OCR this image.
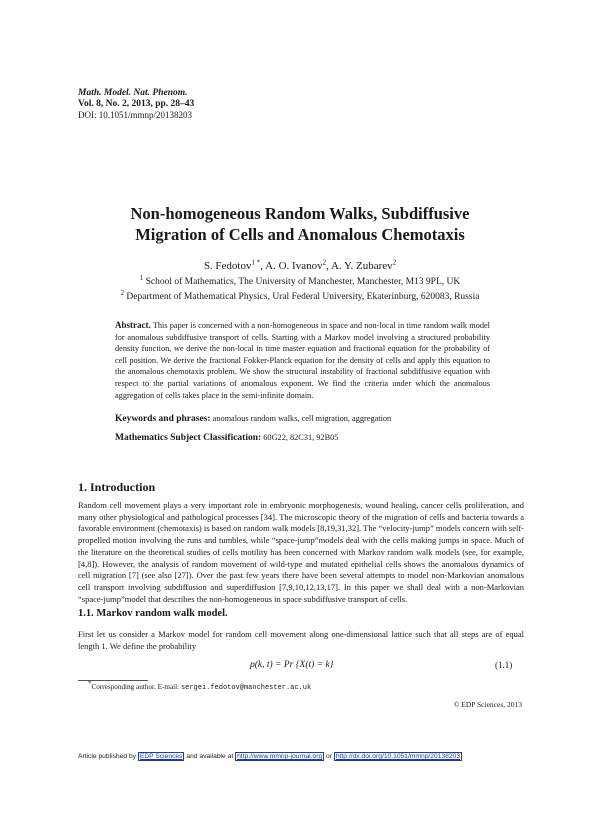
Math. Model. Nat. Phenom.
Vol. 8, No. 2, 2013, pp. 28–43
DOI: 10.1051/mmnp/20138203
Non-homogeneous Random Walks, Subdiffusive
Migration of Cells and Anomalous Chemotaxis
S. Fedotov$^{1 *}$, A. O. Ivanov$^2$, A. Y. Zubarev$^2$
$^1$ School of Mathematics, The University of Manchester, Manchester, M13 9PL, UK
$^2$ Department of Mathematical Physics, Ural Federal University, Ekaterinburg, 620083, Russia
Abstract. This paper is concerned with a non-homogeneous in space and non-local in time random walk model for anomalous subdiffusive transport of cells. Starting with a Markov model involving a structured probability density function, we derive the non-local in time master equation and fractional equation for the probability of cell position. We derive the fractional Fokker-Planck equation for the density of cells and apply this equation to the anomalous chemotaxis problem. We show the structural instability of fractional subdiffusive equation with respect to the partial variations of anomalous exponent. We find the criteria under which the anomalous aggregation of cells takes place in the semi-infinite domain.
Keywords and phrases: anomalous random walks, cell migration, aggregation
Mathematics Subject Classification: 60G22, 82C31, 92B05
1. Introduction
Random cell movement plays a very important role in embryonic morphogenesis, wound healing, cancer cells proliferation, and many other physiological and pathological processes [34]. The microscopic theory of the migration of cells and bacteria towards a favorable environment (chemotaxis) is based on random walk models [8,19,31,32]. The “velocity-jump” models concern with self-propelled motion involving the runs and tumbles, while “space-jump”models deal with the cells making jumps in space. Much of the literature on the theoretical studies of cells motility has been concerned with Markov random walk models (see, for example, [4,8]). However, the analysis of random movement of wild-type and mutated epithelial cells shows the anomalous dynamics of cell migration [7] (see also [27]). Over the past few years there have been several attempts to model non-Markovian anomalous cell transport involving subdiffusion and superdiffusion [7,9,10,12,13,17]. In this paper we shall deal with a non-Markovian “space-jump”model that describes the non-homogeneous in space subdiffusive transport of cells.
1.1. Markov random walk model.
First let us consider a Markov model for random cell movement along one-dimensional lattice such that all steps are of equal length 1. We define the probability
p(k, t) = Pr {X(t) = k}	(1.1)
*Corresponding author. E-mail: sergei.fedotov@manchester.ac.uk
© EDP Sciences, 2013
Article published by EDP Sciences and available at http://www.mmnp-journal.org or http://dx.doi.org/10.1051/mmnp/20138203
